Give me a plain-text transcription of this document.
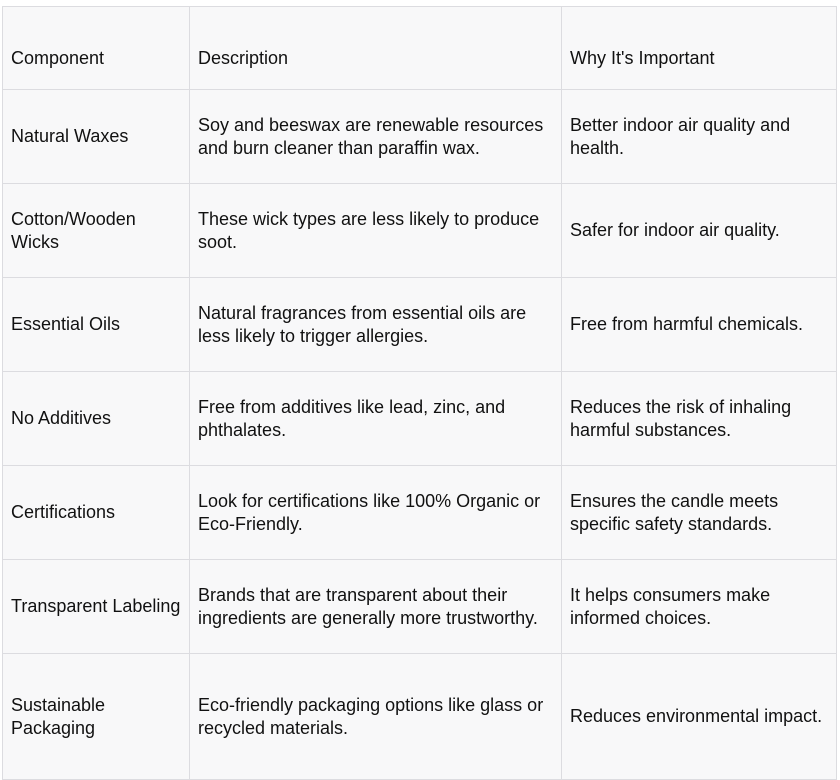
Component	Description	Why It's Important
Natural Waxes	Soy and beeswax are renewable resources and burn cleaner than paraffin wax.	Better indoor air quality and health.
Cotton/Wooden Wicks	These wick types are less likely to produce soot.	Safer for indoor air quality.
Essential Oils	Natural fragrances from essential oils are less likely to trigger allergies.	Free from harmful chemicals.
No Additives	Free from additives like lead, zinc, and phthalates.	Reduces the risk of inhaling harmful substances.
Certifications	Look for certifications like 100% Organic or Eco-Friendly.	Ensures the candle meets specific safety standards.
Transparent Labeling	Brands that are transparent about their ingredients are generally more trustworthy.	It helps consumers make informed choices.
Sustainable Packaging	Eco-friendly packaging options like glass or recycled materials.	Reduces environmental impact.
